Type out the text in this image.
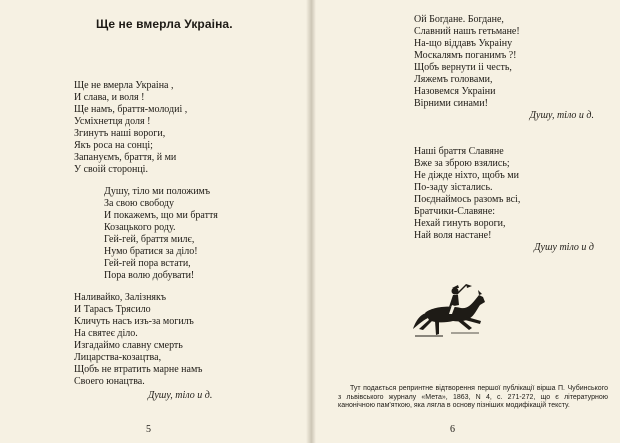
Ще не вмерла Украіна.
Ще не вмерла Украіна ,
И слава, и воля !
Ще намъ, браття-молодиі ,
Усміхнетця доля !
Згинутъ наші вороги,
Якъ роса на сонці;
Запануємъ, браття, й ми
У своій сторонці.
Душу, тіло ми положимъ
За свою свободу
И покажемъ, що ми браття
Козацького роду.
Гей-гей, браття милє,
Нумо братися за діло!
Гей-гей пора встати,
Пора волю добувати!
Наливайко, Залізнякъ
И Тарасъ Трясило
Кличуть насъ изъ-за могилъ
На святеє діло.
Изгадаймо славну смерть
Лицарства-козацтва,
Щобъ не втратить марне намъ
Своего юнацтва.
Душу, тіло и д.
5
Ой Богдане. Богдане,
Славний нашъ гетьмане!
На-що віддавъ Украіну
Москалямъ поганимъ ?!
Щобъ вернути іі честь,
Ляжемъ головами,
Назовемся Украіни
Вірними синами!
Душу, тіло и д.
Наші браття Славяне
Вже за зброю взялись;
Не діжде ніхто, щобъ ми
По-заду зістались.
Поєднаймось разомъ всі,
Братчики-Славяне:
Нехай гинуть вороги,
Най воля настане!
Душу тіло и д

Тут подається репринтне відтворення першої публікації вірша П. Чубинського з львівського журналу «Мета», 1863, N 4, с. 271-272, що є літературною канонічною пам'яткою, яка лягла в основу пізніших модифікацій тексту.

6
